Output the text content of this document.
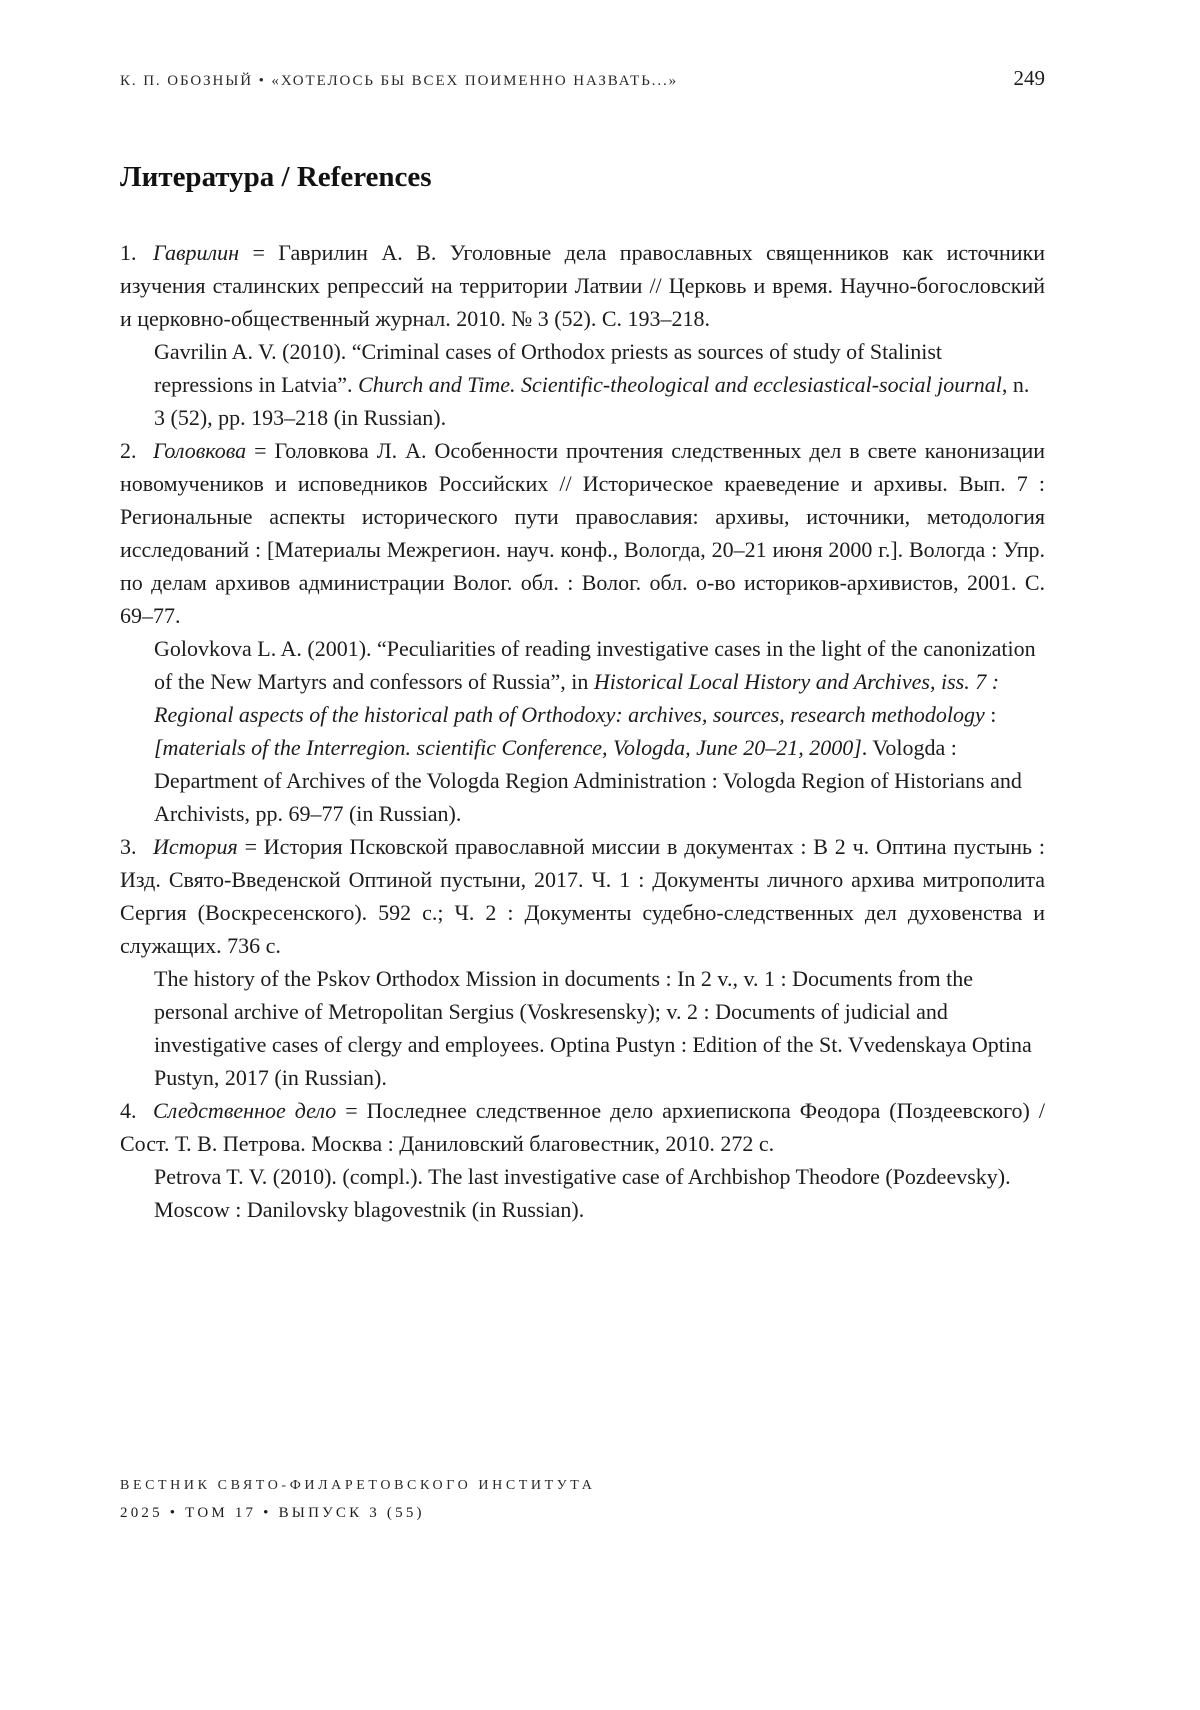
К. П. ОБОЗНЫЙ • «ХОТЕЛОСЬ БЫ ВСЕХ ПОИМЕННО НАЗВАТЬ...»	249
Литература / References

1. Гаврилин = Гаврилин А. В. Уголовные дела православных священников как источники изучения сталинских репрессий на территории Латвии // Церковь и время. Научно-богословский и церковно-общественный журнал. 2010. № 3 (52). С. 193–218.

Gavrilin A. V. (2010). “Criminal cases of Orthodox priests as sources of study of Stalinist repressions in Latvia”. Church and Time. Scientific-theological and ecclesiastical-social journal, n. 3 (52), pp. 193–218 (in Russian).

2. Головкова = Головкова Л. А. Особенности прочтения следственных дел в свете канонизации новомучеников и исповедников Российских // Историческое краеведение и архивы. Вып. 7 : Региональные аспекты исторического пути православия: архивы, источники, методология исследований : [Материалы Межрегион. науч. конф., Вологда, 20–21 июня 2000 г.]. Вологда : Упр. по делам архивов администрации Волог. обл. : Волог. обл. о-во историков-архивистов, 2001. С. 69–77.

Golovkova L. A. (2001). “Peculiarities of reading investigative cases in the light of the canonization of the New Martyrs and confessors of Russia”, in Historical Local History and Archives, iss. 7 : Regional aspects of the historical path of Orthodoxy: archives, sources, research methodology : [materials of the Interregion. scientific Conference, Vologda, June 20–21, 2000]. Vologda : Department of Archives of the Vologda Region Administration : Vologda Region of Historians and Archivists, pp. 69–77 (in Russian).

3. История = История Псковской православной миссии в документах : В 2 ч. Оптина пустынь : Изд. Свято-Введенской Оптиной пустыни, 2017. Ч. 1 : Документы личного архива митрополита Сергия (Воскресенского). 592 с.; Ч. 2 : Документы судебно-следственных дел духовенства и служащих. 736 с.

The history of the Pskov Orthodox Mission in documents : In 2 v., v. 1 : Documents from the personal archive of Metropolitan Sergius (Voskresensky); v. 2 : Documents of judicial and investigative cases of clergy and employees. Optina Pustyn : Edition of the St. Vvedenskaya Optina Pustyn, 2017 (in Russian).

4. Следственное дело = Последнее следственное дело архиепископа Феодора (Поздеевского) / Сост. Т. В. Петрова. Москва : Даниловский благовестник, 2010. 272 с.

Petrova T. V. (2010). (compl.). The last investigative case of Archbishop Theodore (Pozdeevsky). Moscow : Danilovsky blagovestnik (in Russian).

ВЕСТНИК СВЯТО-ФИЛАРЕТОВСКОГО ИНСТИТУТА
2025 • ТОМ 17 • ВЫПУСК 3 (55)
